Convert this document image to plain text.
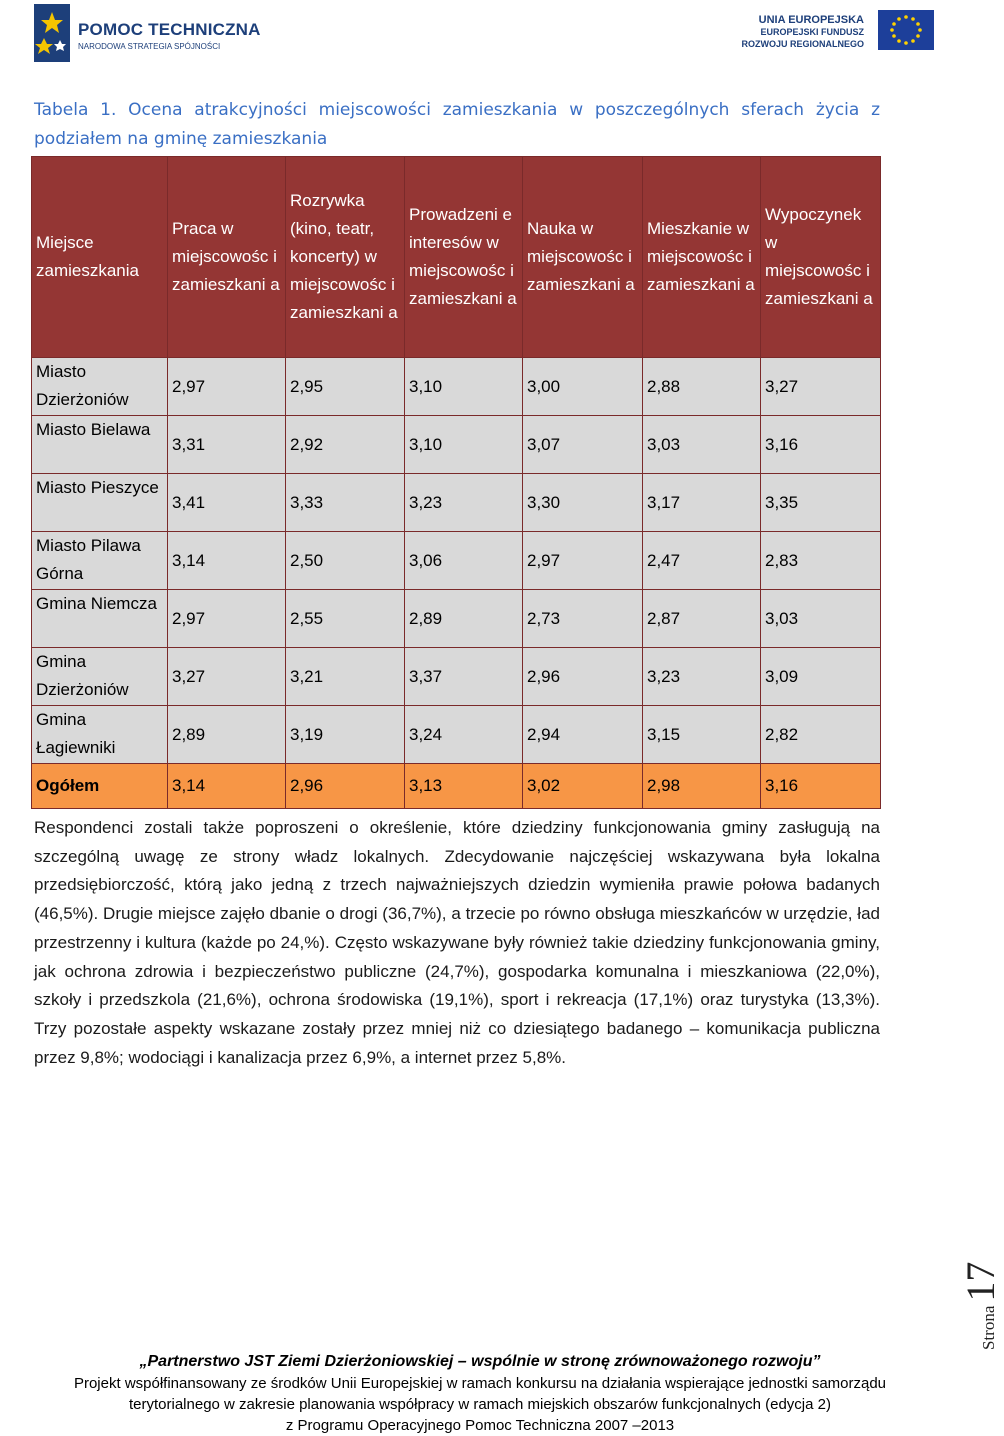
POMOC TECHNICZNA
NARODOWA STRATEGIA SPÓJNOŚCI
UNIA EUROPEJSKA
EUROPEJSKI FUNDUSZ
ROZWOJU REGIONALNEGO
Tabela 1. Ocena atrakcyjności miejscowości zamieszkania w poszczególnych sferach życia z podziałem na gminę zamieszkania
Miejsce zamieszkania	Praca w miejscowośc i zamieszkani a	Rozrywka (kino, teatr, koncerty) w miejscowośc i zamieszkani a	Prowadzeni e interesów w miejscowośc i zamieszkani a	Nauka w miejscowośc i zamieszkani a	Mieszkanie w miejscowośc i zamieszkani a	Wypoczynek w miejscowośc i zamieszkani a
Miasto Dzierżoniów	2,97	2,95	3,10	3,00	2,88	3,27
Miasto Bielawa	3,31	2,92	3,10	3,07	3,03	3,16
Miasto Pieszyce	3,41	3,33	3,23	3,30	3,17	3,35
Miasto Pilawa Górna	3,14	2,50	3,06	2,97	2,47	2,83
Gmina Niemcza	2,97	2,55	2,89	2,73	2,87	3,03
Gmina Dzierżoniów	3,27	3,21	3,37	2,96	3,23	3,09
Gmina Łagiewniki	2,89	3,19	3,24	2,94	3,15	2,82
Ogółem	3,14	2,96	3,13	3,02	2,98	3,16
Respondenci zostali także poproszeni o określenie, które dziedziny funkcjonowania gminy zasługują na szczególną uwagę ze strony władz lokalnych. Zdecydowanie najczęściej wskazywana była lokalna przedsiębiorczość, którą jako jedną z trzech najważniejszych dziedzin wymieniła prawie połowa badanych (46,5%). Drugie miejsce zajęło dbanie o drogi (36,7%), a trzecie po równo obsługa mieszkańców w urzędzie, ład przestrzenny i kultura (każde po 24,%). Często wskazywane były również takie dziedziny funkcjonowania gminy, jak ochrona zdrowia i bezpieczeństwo publiczne (24,7%), gospodarka komunalna i mieszkaniowa (22,0%), szkoły i przedszkola (21,6%), ochrona środowiska (19,1%), sport i rekreacja (17,1%) oraz turystyka (13,3%). Trzy pozostałe aspekty wskazane zostały przez mniej niż co dziesiątego badanego – komunikacja publiczna przez 9,8%; wodociągi i kanalizacja przez 6,9%, a internet przez 5,8%.
Strona 17
„Partnerstwo JST Ziemi Dzierżoniowskiej – wspólnie w stronę zrównoważonego rozwoju”
Projekt współfinansowany ze środków Unii Europejskiej w ramach konkursu na działania wspierające jednostki samorządu
terytorialnego w zakresie planowania współpracy w ramach miejskich obszarów funkcjonalnych (edycja 2)
z Programu Operacyjnego Pomoc Techniczna 2007 –2013
